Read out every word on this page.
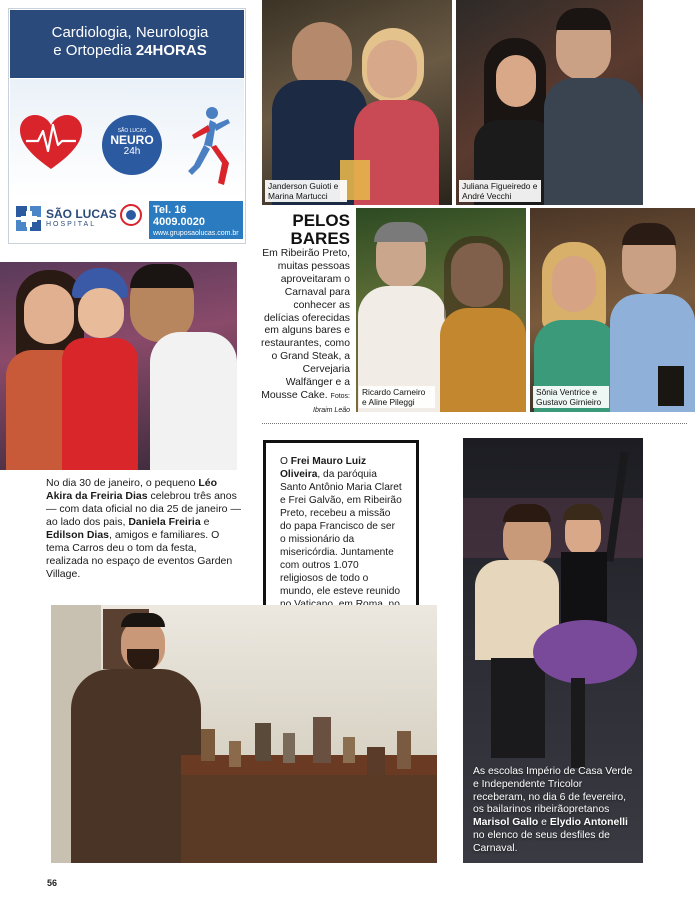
Cardiologia, Neurologia
e Ortopedia 24HORAS
SÃO LUCAS
NEURO
24h
SÃO LUCAS
HOSPITAL
Tel. 16 4009.0020
www.gruposaolucas.com.br
Janderson Guioti e Marina Martucci
Juliana Figueiredo e André Vecchi
PELOS
BARES
Em Ribeirão Preto, muitas pessoas aproveitaram o Carnaval para conhecer as delícias oferecidas em alguns bares e restaurantes, como o Grand Steak, a Cervejaria Walfänger e a Mousse Cake. Fotos: Ibraim Leão
Ricardo Carneiro e Aline Pileggi
Sônia Ventrice e Gustavo Girnieiro
No dia 30 de janeiro, o pequeno Léo Akira da Freiria Dias celebrou três anos — com data oficial no dia 25 de janeiro — ao lado dos pais, Daniela Freiria e Edilson Dias, amigos e familiares. O tema Carros deu o tom da festa, realizada no espaço de eventos Garden Village.
O Frei Mauro Luiz Oliveira, da paróquia Santo Antônio Maria Claret e Frei Galvão, em Ribeirão Preto, recebeu a missão do papa Francisco de ser o missionário da misericórdia. Juntamente com outros 1.070 religiosos de todo o mundo, ele esteve reunido
As escolas Império de Casa Verde e Independente Tricolor receberam, no dia 6 de fevereiro, os bailarinos ribeirãopretanos Marisol Gallo e Elydio Antonelli no elenco de seus desfiles de Carnaval.
56
